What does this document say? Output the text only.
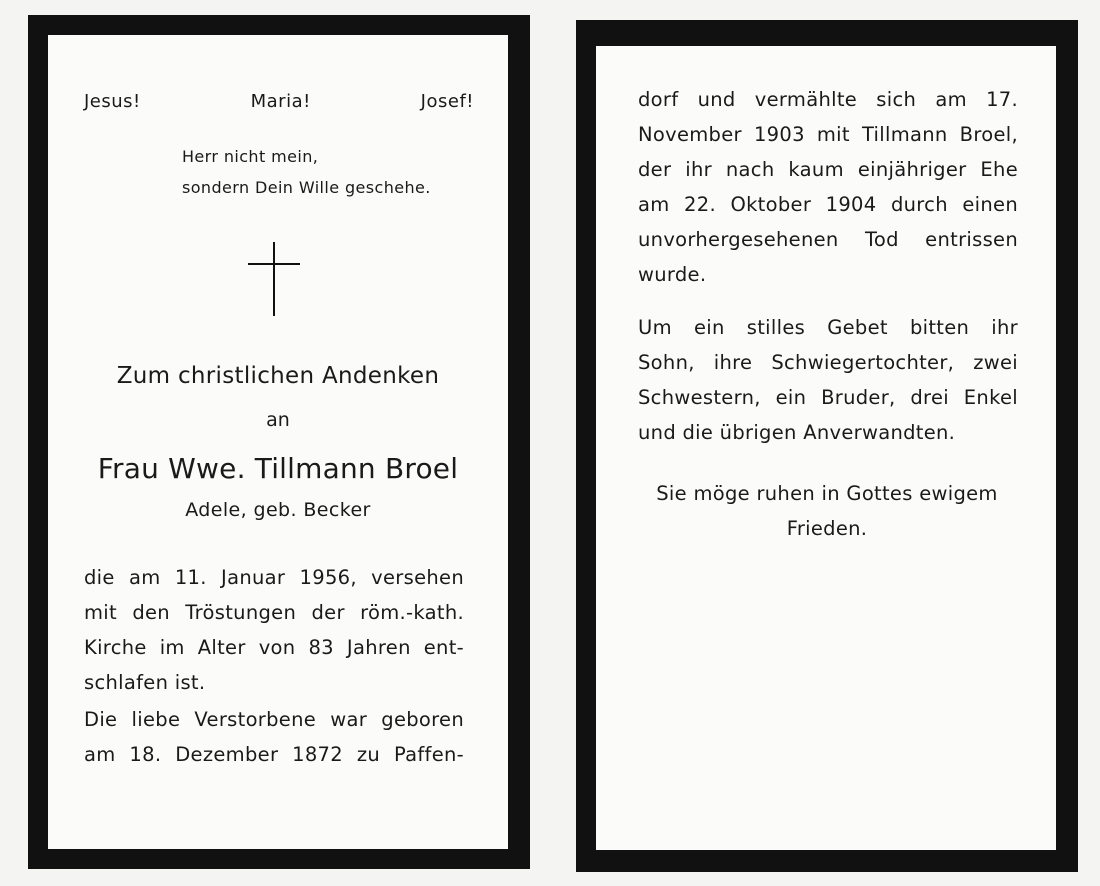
Jesus!	Maria!	Josef!
Herr nicht mein,
sondern Dein Wille geschehe.
Zum christlichen Andenken
an
Frau Wwe. Tillmann Broel
Adele, geb. Becker
die am 11. Januar 1956, versehen
mit den Tröstungen der röm.-kath.
Kirche im Alter von 83 Jahren ent-
schlafen ist.
Die liebe Verstorbene war geboren
am 18. Dezember 1872 zu Paffen-
dorf und vermählte sich am 17.
November 1903 mit Tillmann Broel,
der ihr nach kaum einjähriger Ehe
am 22. Oktober 1904 durch einen
unvorhergesehenen Tod entrissen
wurde.
Um ein stilles Gebet bitten ihr
Sohn, ihre Schwiegertochter, zwei
Schwestern, ein Bruder, drei Enkel
und die übrigen Anverwandten.
Sie möge ruhen in Gottes ewigem
Frieden.
